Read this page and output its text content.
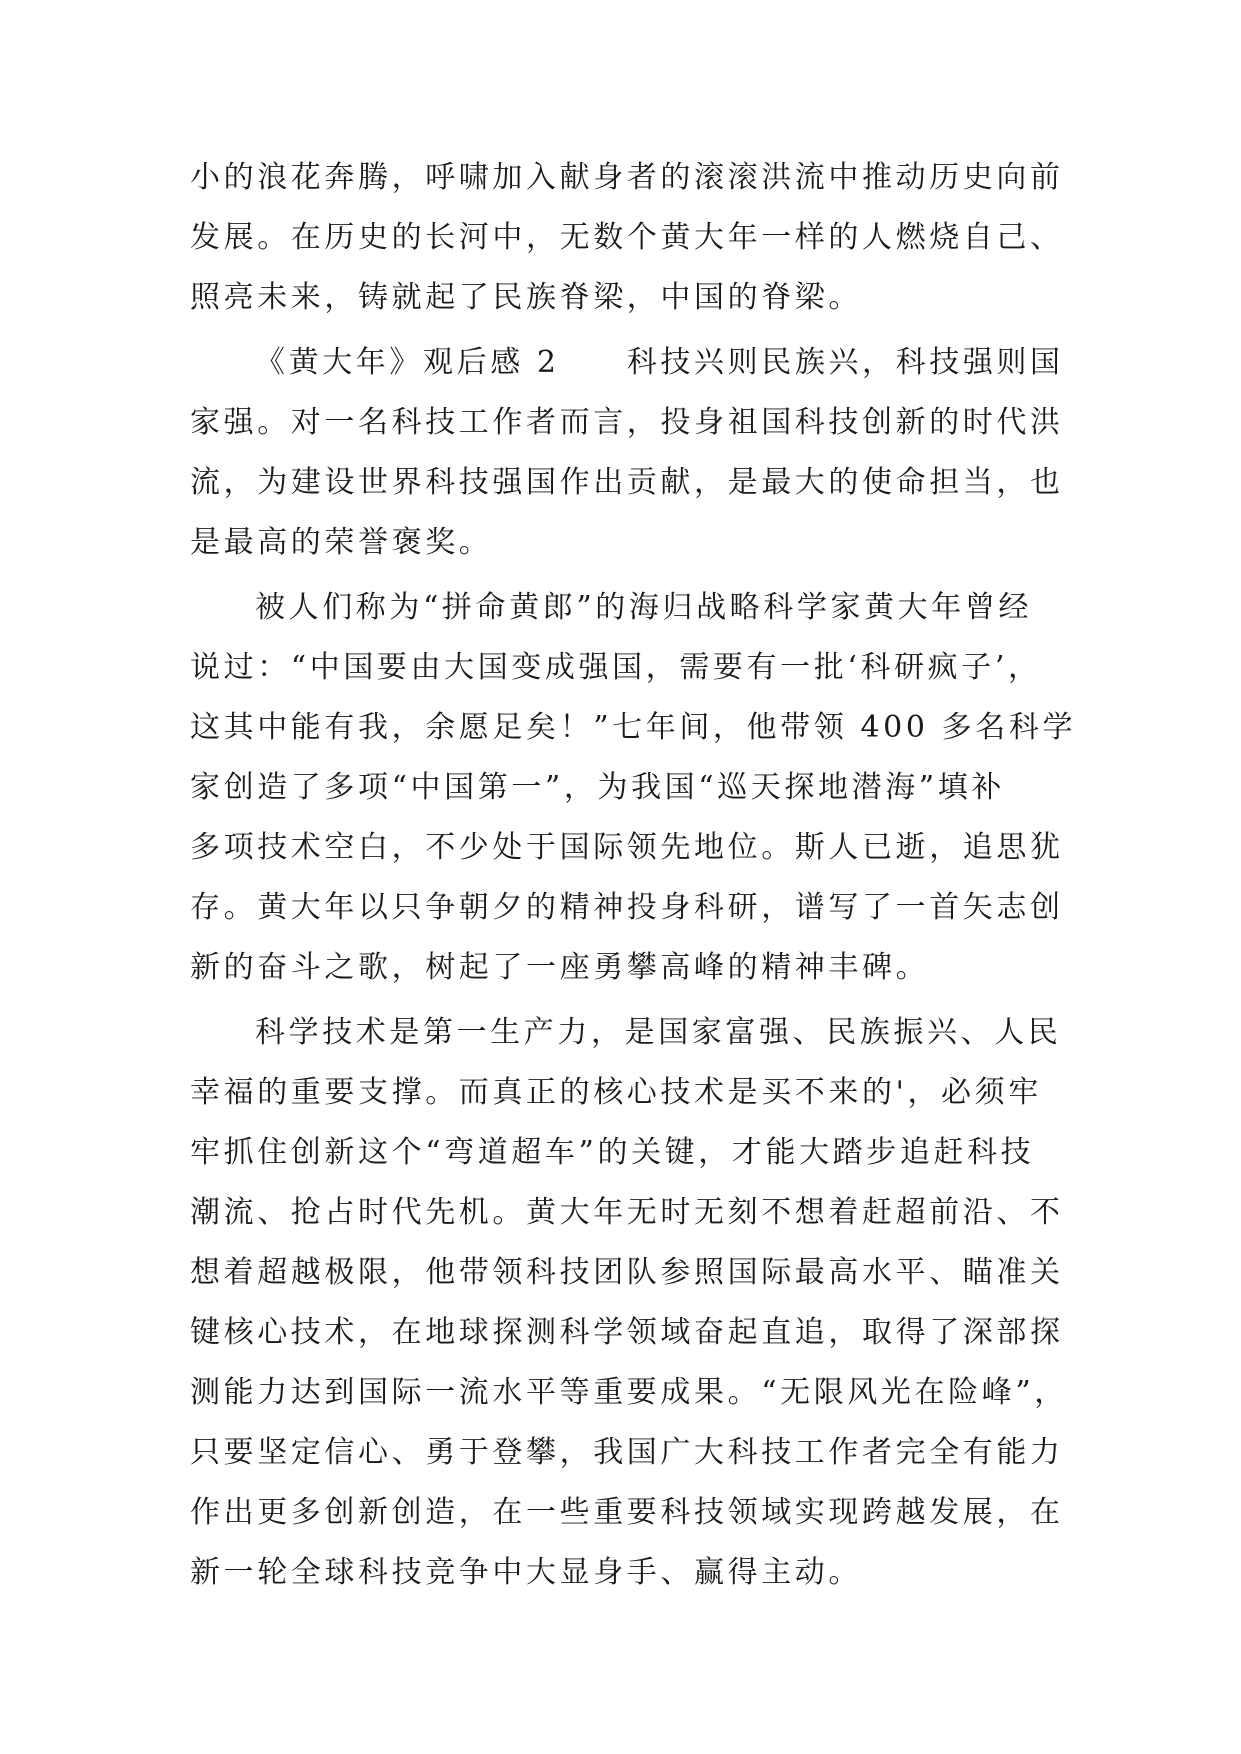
小的浪花奔腾，呼啸加入献身者的滚滚洪流中推动历史向前
发展。在历史的长河中，无数个黄大年一样的人燃烧自己、
照亮未来，铸就起了民族脊梁，中国的脊梁。
《黄大年》观后感 2　　科技兴则民族兴，科技强则国
家强。对一名科技工作者而言，投身祖国科技创新的时代洪
流，为建设世界科技强国作出贡献，是最大的使命担当，也
是最高的荣誉褒奖。
被人们称为“拼命黄郎”的海归战略科学家黄大年曾经
说过：“中国要由大国变成强国，需要有一批‘科研疯子’，
这其中能有我，余愿足矣！”七年间，他带领 400 多名科学
家创造了多项“中国第一”，为我国“巡天探地潜海”填补
多项技术空白，不少处于国际领先地位。斯人已逝，追思犹
存。黄大年以只争朝夕的精神投身科研，谱写了一首矢志创
新的奋斗之歌，树起了一座勇攀高峰的精神丰碑。
科学技术是第一生产力，是国家富强、民族振兴、人民
幸福的重要支撑。而真正的核心技术是买不来的'，必须牢
牢抓住创新这个“弯道超车”的关键，才能大踏步追赶科技
潮流、抢占时代先机。黄大年无时无刻不想着赶超前沿、不
想着超越极限，他带领科技团队参照国际最高水平、瞄准关
键核心技术，在地球探测科学领域奋起直追，取得了深部探
测能力达到国际一流水平等重要成果。“无限风光在险峰”，
只要坚定信心、勇于登攀，我国广大科技工作者完全有能力
作出更多创新创造，在一些重要科技领域实现跨越发展，在
新一轮全球科技竞争中大显身手、赢得主动。
